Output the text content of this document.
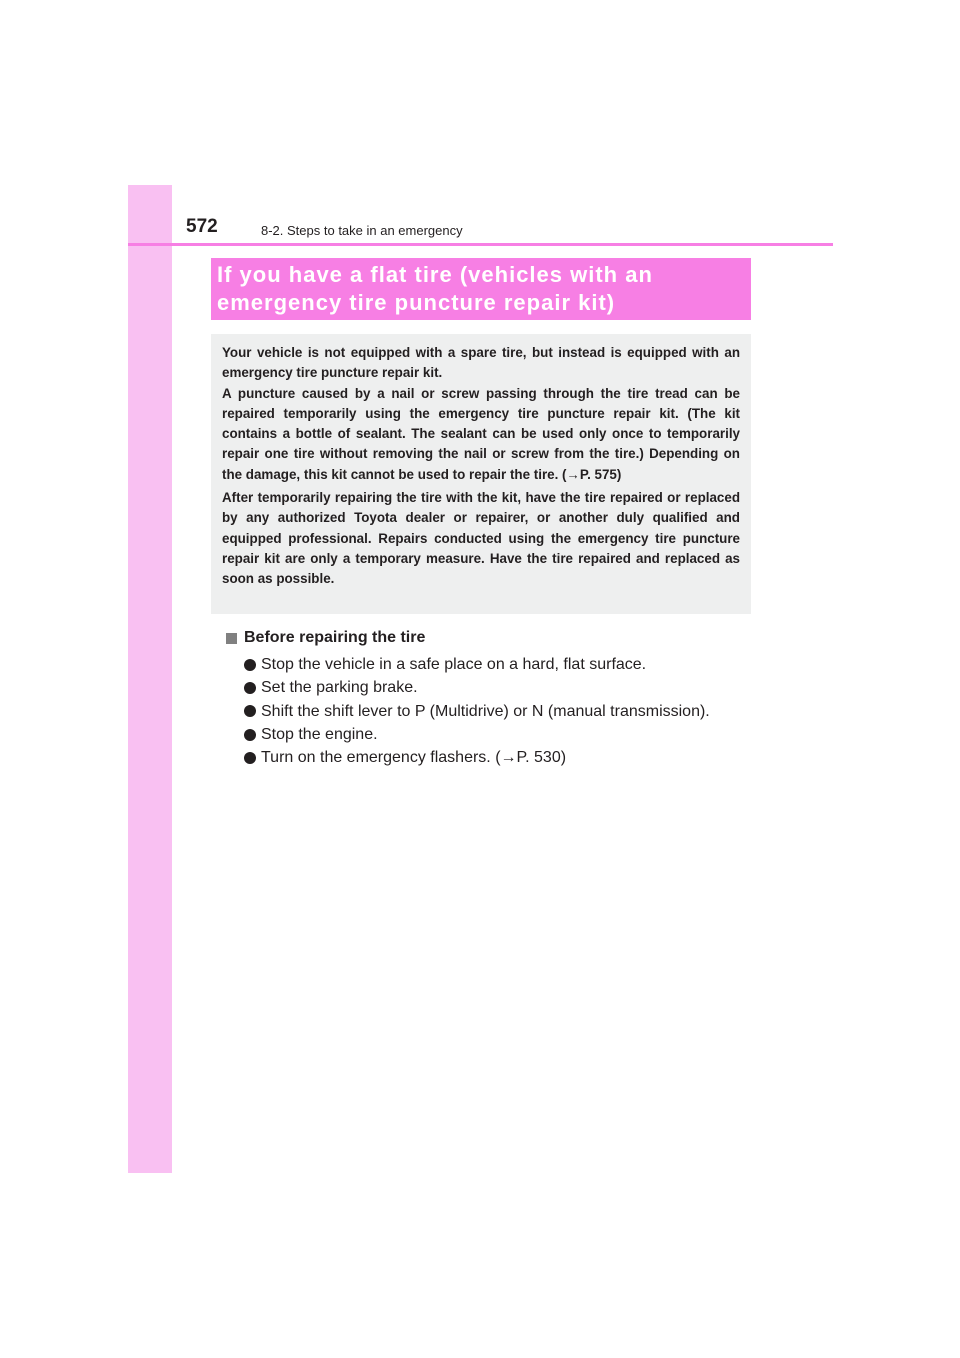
572	8-2. Steps to take in an emergency
If you have a flat tire (vehicles with an emergency tire puncture repair kit)

Your vehicle is not equipped with a spare tire, but instead is equipped with an emergency tire puncture repair kit.
A puncture caused by a nail or screw passing through the tire tread can be repaired temporarily using the emergency tire puncture repair kit. (The kit contains a bottle of sealant. The sealant can be used only once to temporarily repair one tire without removing the nail or screw from the tire.) Depending on the damage, this kit cannot be used to repair the tire. (→P. 575)

After temporarily repairing the tire with the kit, have the tire repaired or replaced by any authorized Toyota dealer or repairer, or another duly qualified and equipped professional. Repairs conducted using the emergency tire puncture repair kit are only a temporary measure. Have the tire repaired and replaced as soon as possible.

Before repairing the tire
Stop the vehicle in a safe place on a hard, flat surface.
Set the parking brake.
Shift the shift lever to P (Multidrive) or N (manual transmission).
Stop the engine.
Turn on the emergency flashers. (→P. 530)
